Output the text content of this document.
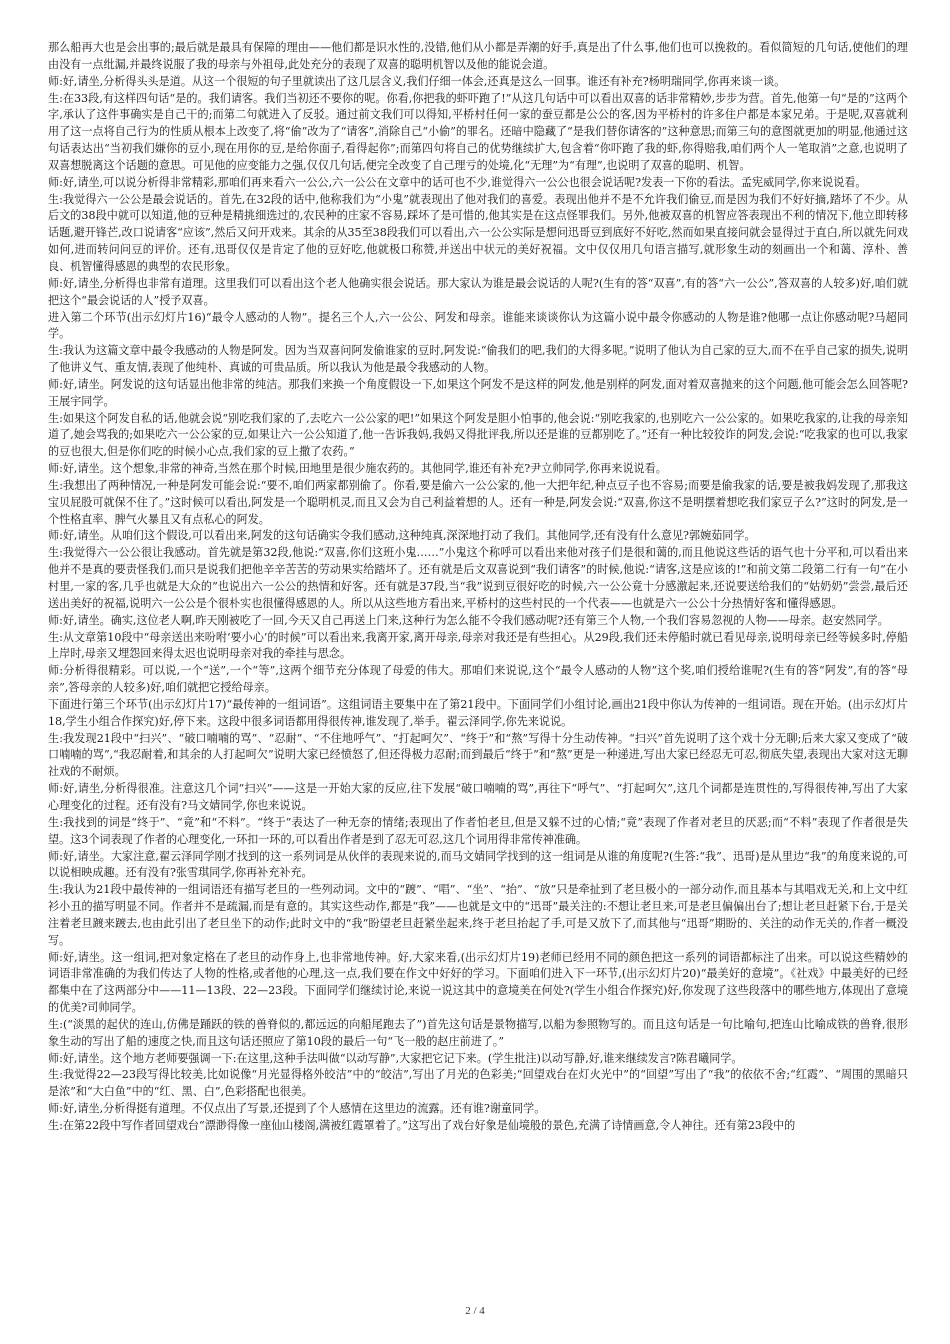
那么船再大也是会出事的;最后就是最具有保障的理由——他们都是识水性的,没错,他们从小都是弄潮的好手,真是出了什么事,他们也可以挽救的。看似简短的几句话,使他们的理由没有一点纰漏,并最终说服了我的母亲与外祖母,此处充分的表现了双喜的聪明机智以及他的能说会道。

师:好,请坐,分析得头头是道。从这一个很短的句子里就读出了这几层含义,我们仔细一体会,还真是这么一回事。谁还有补充?杨明瑞同学,你再来谈一谈。

生:在33段,有这样四句话“是的。我们请客。我们当初还不要你的呢。你看,你把我的虾吓跑了!”从这几句话中可以看出双喜的话非常精妙,步步为营。首先,他第一句“是的”这两个字,承认了这件事确实是自己干的;而第二句就进入了反驳。通过前文我们可以得知,平桥村任何一家的蚕豆都是公公的客,因为平桥村的许多住户都是本家兄弟。于是呢,双喜就利用了这一点将自己行为的性质从根本上改变了,将“偷”改为了“请客”,消除自己“小偷”的罪名。还暗中隐藏了“是我们替你请客的”这种意思;而第三句的意图就更加的明显,他通过这句话表达出“当初我们嫌你的豆小,现在用你的豆,是给你面子,看得起你”;而第四句将自己的优势继续扩大,包含着“你吓跑了我的虾,你得赔我,咱们两个人一笔取消”之意,也说明了双喜想脱离这个话题的意思。可见他的应变能力之强,仅仅几句话,便完全改变了自己理亏的处境,化“无理”为“有理”,也说明了双喜的聪明、机智。

师:好,请坐,可以说分析得非常精彩,那咱们再来看六一公公,六一公公在文章中的话可也不少,谁觉得六一公公也很会说话呢?发表一下你的看法。孟宪威同学,你来说说看。

生:我觉得六一公公是最会说话的。首先,在32段的话中,他称我们为“小鬼”就表现出了他对我们的喜爱。表现出他并不是不允许我们偷豆,而是因为我们不好好摘,踏坏了不少。从后文的38段中就可以知道,他的豆种是精挑细选过的,农民种的庄家不容易,踩坏了是可惜的,他其实是在这点怪罪我们。另外,他被双喜的机智应答表现出不利的情况下,他立即转移话题,避开锋芒,改口说请客“应该”,然后又问开戏来。其余的从35至38段我们可以看出,六一公公实际是想问迅哥豆到底好不好吃,然而如果直接问就会显得过于直白,所以就先问戏如何,进而转问问豆的评价。还有,迅哥仅仅是肯定了他的豆好吃,他就极口称赞,并送出中状元的美好祝福。文中仅仅用几句语言描写,就形象生动的刻画出一个和蔼、淳朴、善良、机智懂得感恩的典型的农民形象。

师:好,请坐,分析得也非常有道理。这里我们可以看出这个老人他确实很会说话。那大家认为谁是最会说话的人呢?(生有的答“双喜”,有的答“六一公公”,答双喜的人较多)好,咱们就把这个“最会说话的人”授予双喜。

进入第二个环节(出示幻灯片16)“最令人感动的人物”。提名三个人,六一公公、阿发和母亲。谁能来谈谈你认为这篇小说中最令你感动的人物是谁?他哪一点让你感动呢?马超同学。

生:我认为这篇文章中最令我感动的人物是阿发。因为当双喜问阿发偷谁家的豆时,阿发说:“偷我们的吧,我们的大得多呢。”说明了他认为自己家的豆大,而不在乎自己家的损失,说明了他讲义气、重友情,表现了他纯朴、真诚的可贵品质。所以我认为他是最令我感动的人物。

师:好,请坐。阿发说的这句话显出他非常的纯洁。那我们来换一个角度假设一下,如果这个阿发不是这样的阿发,他是别样的阿发,面对着双喜抛来的这个问题,他可能会怎么回答呢?王展宇同学。

生:如果这个阿发自私的话,他就会说“别吃我们家的了,去吃六一公公家的吧!”如果这个阿发是胆小怕事的,他会说:“别吃我家的,也别吃六一公公家的。如果吃我家的,让我的母亲知道了,她会骂我的;如果吃六一公公家的豆,如果让六一公公知道了,他一告诉我妈,我妈又得批评我,所以还是谁的豆都别吃了。”还有一种比较狡诈的阿发,会说:“吃我家的也可以,我家的豆也很大,但是你们吃的时候小心点,我们家的豆上撒了农药。”

师:好,请坐。这个想象,非常的神奇,当然在那个时候,田地里是很少施农药的。其他同学,谁还有补充?尹立帅同学,你再来说说看。

生:我想出了两种情况,一种是阿发可能会说:“要不,咱们两家都别偷了。你看,要是偷六一公公家的,他一大把年纪,种点豆子也不容易;而要是偷我家的话,要是被我妈发现了,那我这宝贝屁股可就保不住了。”这时候可以看出,阿发是一个聪明机灵,而且又会为自己利益着想的人。还有一种是,阿发会说:“双喜,你这不是明摆着想吃我们家豆子么?”这时的阿发,是一个性格直率、脾气火暴且又有点私心的阿发。

师:好,请坐。从咱们这个假设,可以看出来,阿发的这句话确实令我们感动,这种纯真,深深地打动了我们。其他同学,还有没有什么意见?郭婉茹同学。

生:我觉得六一公公很让我感动。首先就是第32段,他说:“双喜,你们这班小鬼……”小鬼这个称呼可以看出来他对孩子们是很和蔼的,而且他说这些话的语气也十分平和,可以看出来他并不是真的要责怪我们,而只是说我们把他辛辛苦苦的劳动果实给踏坏了。还有就是后文双喜说到“我们请客”的时候,他说:“请客,这是应该的!”和前文第二段第二行有一句“在小村里,一家的客,几乎也就是大众的”也说出六一公公的热情和好客。还有就是37段,当“我”说到豆很好吃的时候,六一公公竟十分感激起来,还说要送给我们的“姑奶奶”尝尝,最后还送出美好的祝福,说明六一公公是个很朴实也很懂得感恩的人。所以从这些地方看出来,平桥村的这些村民的一个代表——也就是六一公公十分热情好客和懂得感恩。

师:好,请坐。确实,这位老人啊,昨天刚被吃了一回,今天又自己再送上门来,这种行为怎么能不令我们感动呢?还有第三个人物,一个我们容易忽视的人物——母亲。赵安然同学。

生:从文章第10段中“母亲送出来吩咐‘要小心’的时候”可以看出来,我离开家,离开母亲,母亲对我还是有些担心。从29段,我们还未停船时就已看见母亲,说明母亲已经等候多时,停船上岸时,母亲又埋怨回来得太迟也说明母亲对我的牵挂与思念。

师:分析得很精彩。可以说,一个“送”,一个“等”,这两个细节充分体现了母爱的伟大。那咱们来说说,这个“最令人感动的人物”这个奖,咱们授给谁呢?(生有的答“阿发”,有的答“母亲”,答母亲的人较多)好,咱们就把它授给母亲。

下面进行第三个环节(出示幻灯片17)“最传神的一组词语”。这组词语主要集中在了第21段中。下面同学们小组讨论,画出21段中你认为传神的一组词语。现在开始。(出示幻灯片18,学生小组合作探究)好,停下来。这段中很多词语都用得很传神,谁发现了,举手。翟云泽同学,你先来说说。

生:我发现21段中“扫兴”、“破口喃喃的骂”、“忍耐”、“不住地呼气”、“打起呵欠”、“终于”和“熬”写得十分生动传神。“扫兴”首先说明了这个戏十分无聊;后来大家又变成了“破口喃喃的骂”,“我忍耐着,和其余的人打起呵欠”说明大家已经愤怒了,但还得极力忍耐;而到最后“终于”和“熬”更是一种递进,写出大家已经忍无可忍,彻底失望,表现出大家对这无聊社戏的不耐烦。

师:好,请坐,分析得很准。注意这几个词“扫兴”——这是一开始大家的反应,往下发展“破口喃喃的骂”,再往下“呼气”、“打起呵欠”,这几个词都是连贯性的,写得很传神,写出了大家心理变化的过程。还有没有?马文婧同学,你也来说说。

生:我找到的词是“终于”、“竟”和“不料”。“终于”表达了一种无奈的情绪;表现出了作者怕老旦,但是又躲不过的心情;“竟”表现了作者对老旦的厌恶;而“不料”表现了作者很是失望。这3个词表现了作者的心理变化,一环扣一环的,可以看出作者是到了忍无可忍,这几个词用得非常传神准确。

师:好,请坐。大家注意,翟云泽同学刚才找到的这一系列词是从伙伴的表现来说的,而马文婧同学找到的这一组词是从谁的角度呢?(生答:“我”、迅哥)是从里边“我”的角度来说的,可以说相映成趣。还有没有?张雪琪同学,你再补充补充。

生:我认为21段中最传神的一组词语还有描写老旦的一些列动词。文中的“踱”、“唱”、“坐”、“抬”、“放”只是牵扯到了老旦极小的一部分动作,而且基本与其唱戏无关,和上文中红衫小丑的描写明显不同。作者并不是疏漏,而是有意的。其实这些动作,都是“我”——也就是文中的“迅哥”最关注的:不想让老旦来,可是老旦偏偏出台了;想让老旦赶紧下台,于是关注着老旦踱来踱去,也由此引出了老旦坐下的动作;此时文中的“我”盼望老旦赶紧坐起来,终于老旦抬起了手,可是又放下了,而其他与“迅哥”期盼的、关注的动作无关的,作者一概没写。

师:好,请坐。这一组词,把对象定格在了老旦的动作身上,也非常地传神。好,大家来看,(出示幻灯片19)老师已经用不同的颜色把这一系列的词语都标注了出来。可以说这些精妙的词语非常准确的为我们传达了人物的性格,或者他的心理,这一点,我们要在作文中好好的学习。下面咱们进入下一环节,(出示幻灯片20)“最美好的意境”。《社戏》中最美好的已经都集中在了这两部分中——11—13段、22—23段。下面同学们继续讨论,来说一说这其中的意境美在何处?(学生小组合作探究)好,你发现了这些段落中的哪些地方,体现出了意境的优美?司帅同学。

生:(“淡黑的起伏的连山,仿佛是踊跃的铁的兽脊似的,都远远的向船尾跑去了”)首先这句话是景物描写,以船为参照物写的。而且这句话是一句比喻句,把连山比喻成铁的兽脊,很形象生动的写出了船的速度之快,而且这句话还照应了第10段的最后一句“飞一般的赵庄前进了。”

师:好,请坐。这个地方老师要强调一下:在这里,这种手法叫做“以动写静”,大家把它记下来。(学生批注)以动写静,好,谁来继续发言?陈君曦同学。

生:我觉得22—23段写得比较美,比如说像“月光显得格外皎洁”中的“皎洁”,写出了月光的色彩美;“回望戏台在灯火光中”的“回望”写出了“我”的依依不舍;“红霞”、“周围的黑暗只是浓”和“大白鱼”中的“红、黑、白”,色彩搭配也很美。

师:好,请坐,分析得挺有道理。不仅点出了写景,还提到了个人感情在这里边的流露。还有谁?谢童同学。

生:在第22段中写作者回望戏台“漂渺得像一座仙山楼阁,满被红霞罩着了。”这写出了戏台好象是仙境般的景色,充满了诗情画意,令人神往。还有第23段中的

2 / 4
